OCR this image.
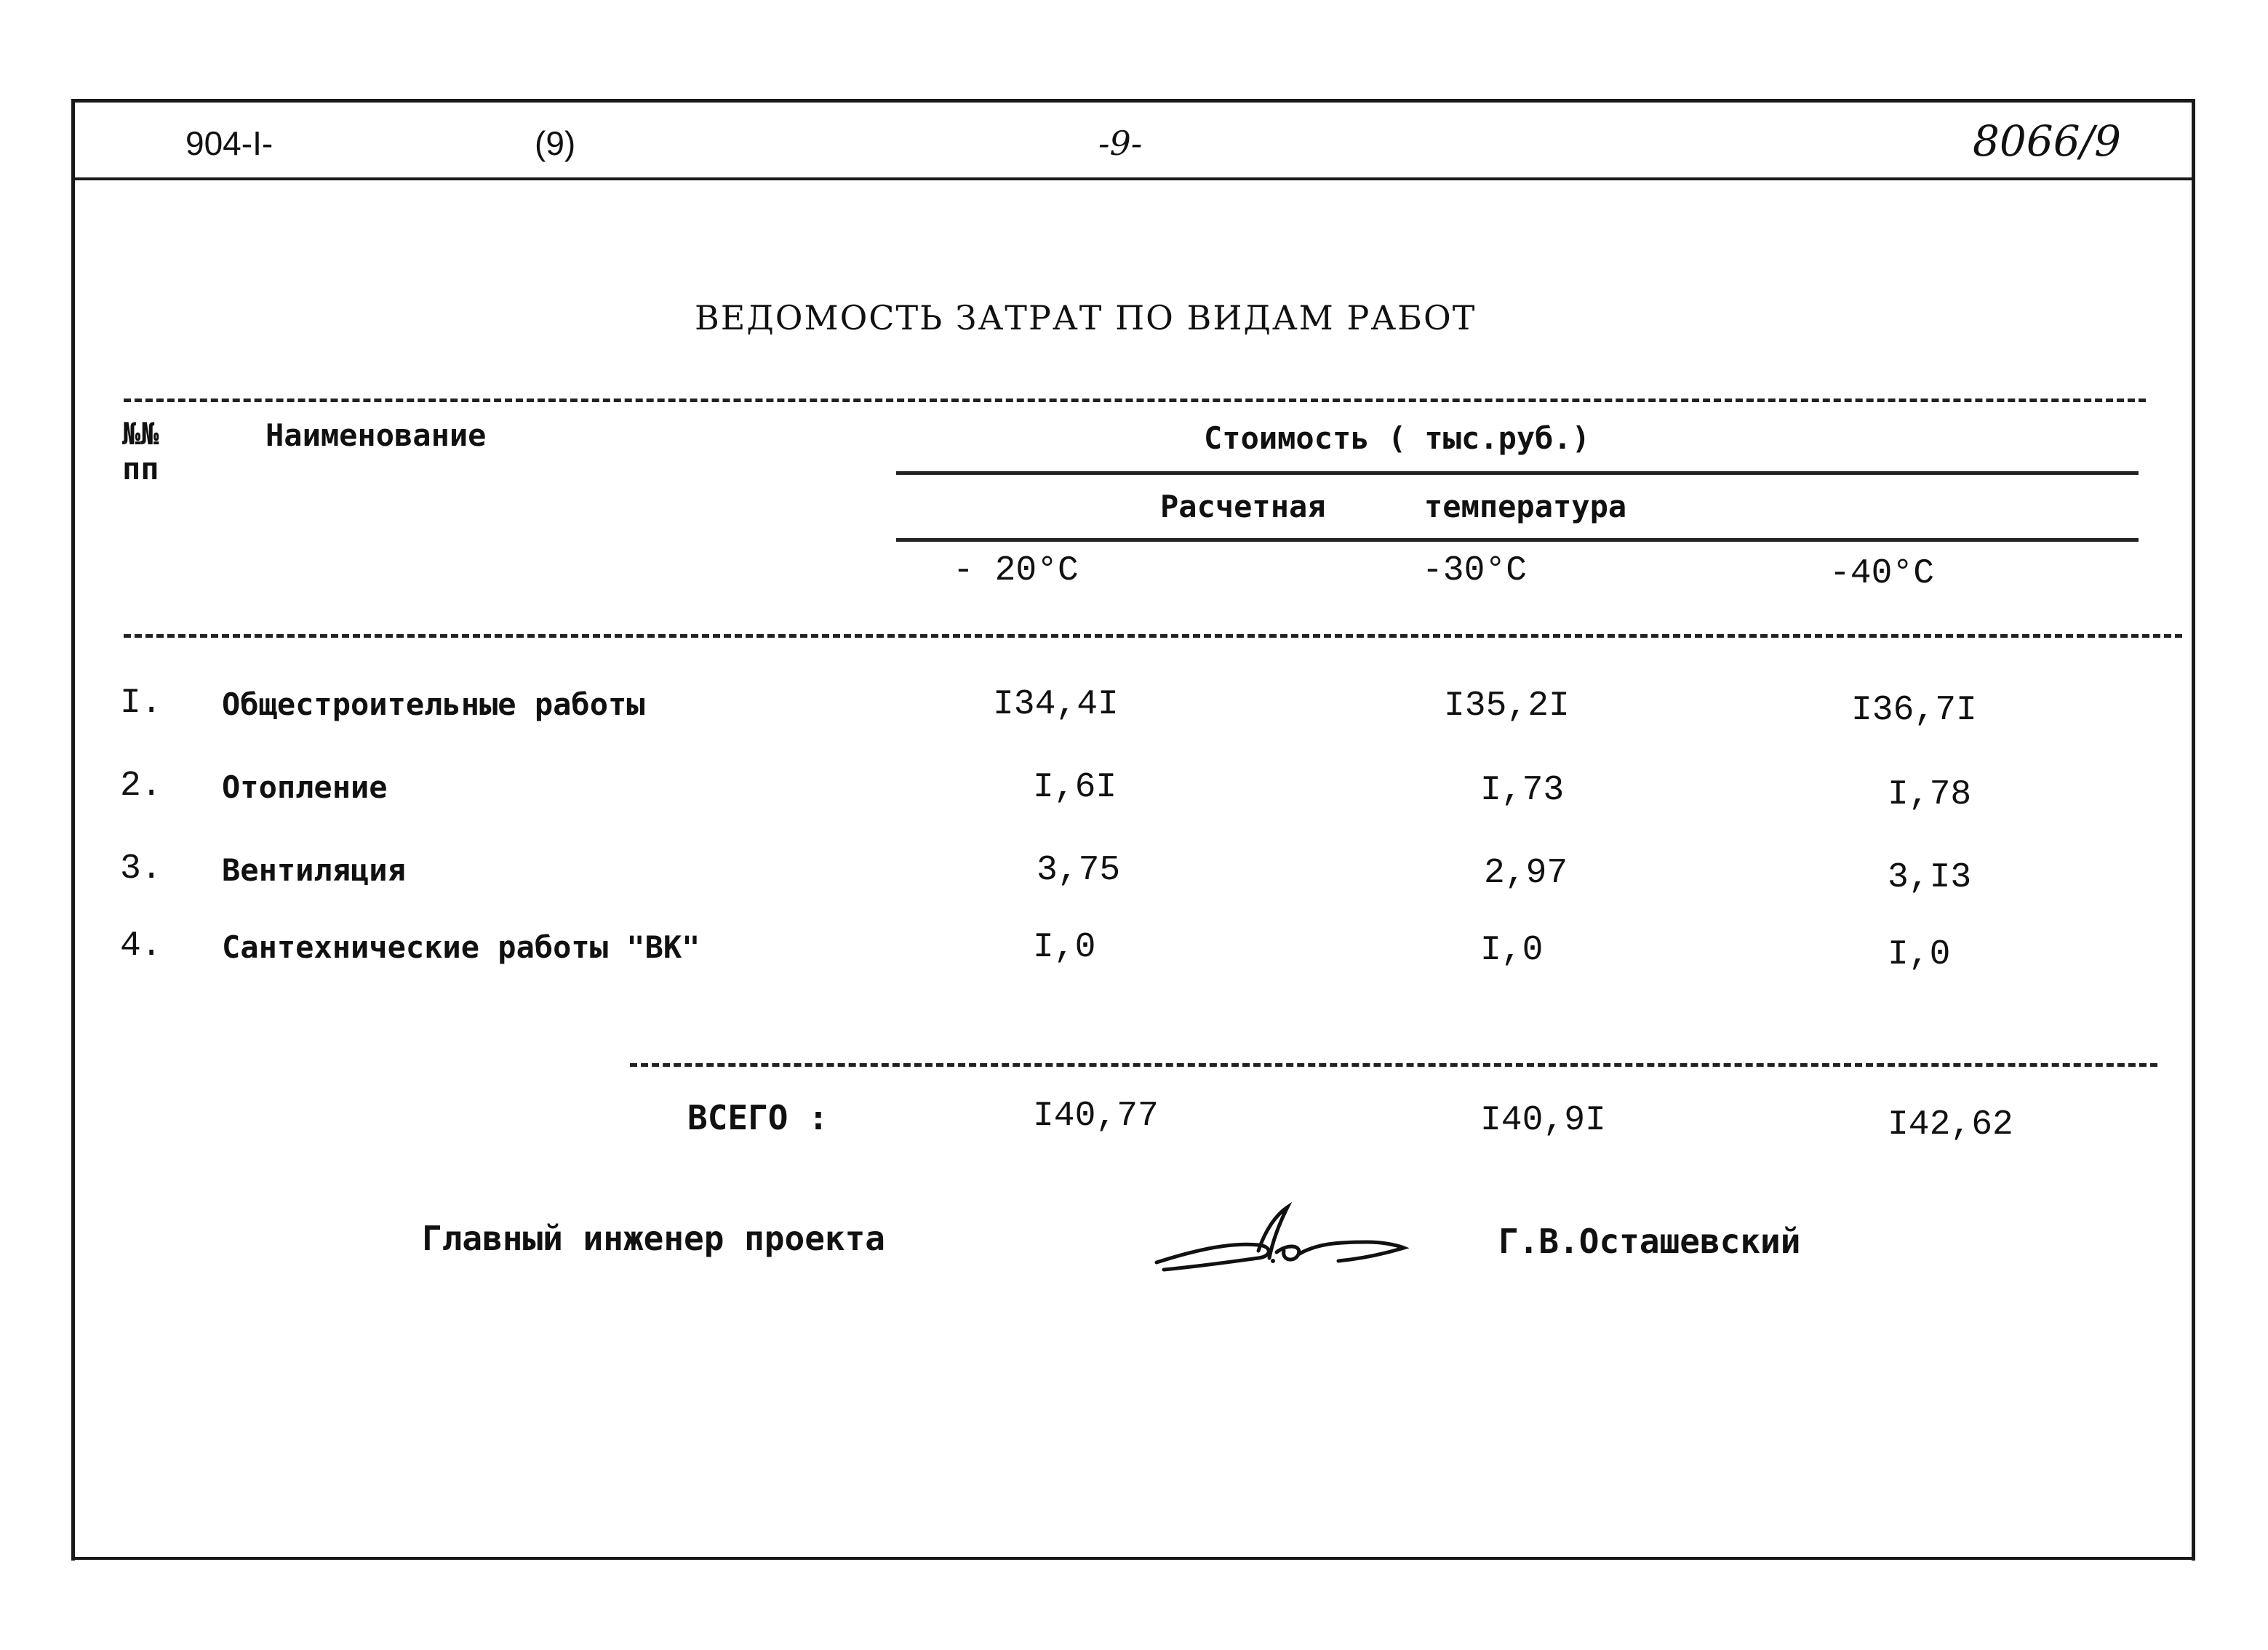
904-I-	(9)	-9-	8066/9
ВЕДОМОСТЬ ЗАТРАТ ПО ВИДАМ РАБОТ
№№
пп
Наименование	Стоимость ( тыс.руб.)
Расчетная	температура
- 20°C	-30°C	-40°C
I. Общестроительные работы	I34,4I	I35,2I	I36,7I
2. Отопление	I,6I	I,73	I,78
3. Вентиляция	3,75	2,97	3,I3
4. Сантехнические работы "ВК"	I,0	I,0	I,0
ВСЕГО :	I40,77	I40,9I	I42,62
Главный инженер проекта	Г.В.Осташевский
